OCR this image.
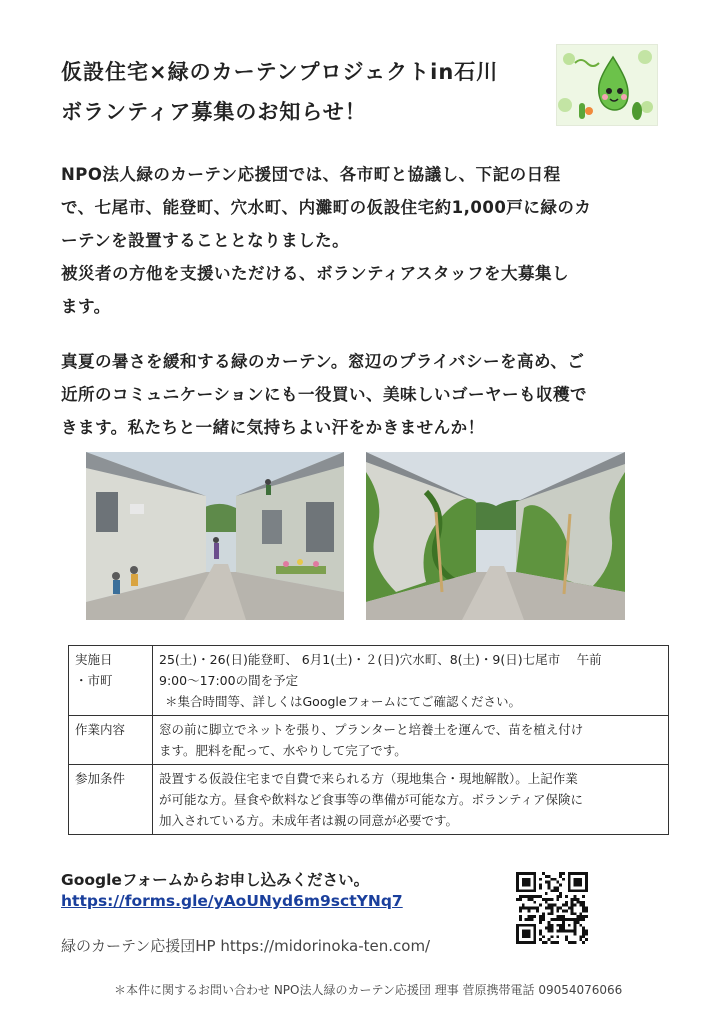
仮設住宅×緑のカーテンプロジェクトin石川
ボランティア募集のお知らせ！

NPO法人緑のカーテン応援団では、各市町と協議し、下記の日程

で、七尾市、能登町、穴水町、内灘町の仮設住宅約1,000戸に緑のカ

ーテンを設置することとなりました。

被災者の方他を支援いただける、ボランティアスタッフを大募集し

ます。

真夏の暑さを緩和する緑のカーテン。窓辺のプライバシーを高め、ご

近所のコミュニケーションにも一役買い、美味しいゴーヤーも収穫で

きます。私たちと一緒に気持ちよい汗をかきませんか！

実施日
・市町	25(土)・26(日)能登町、 6月1(土)・２(日)穴水町、8(土)・9(日)七尾市　 午前
9:00～17:00の間を予定
＊集合時間等、詳しくはGoogleフォームにてご確認ください。

作業内容	窓の前に脚立でネットを張り、プランターと培養土を運んで、苗を植え付け
ます。肥料を配って、水やりして完了です。

参加条件	設置する仮設住宅まで自費で来られる方（現地集合・現地解散）。上記作業
が可能な方。昼食や飲料など食事等の準備が可能な方。ボランティア保険に
加入されている方。未成年者は親の同意が必要です。
Googleフォームからお申し込みください。
https://forms.gle/yAoUNyd6m9sctYNq7
緑のカーテン応援団HP https://midorinoka-ten.com/
＊本件に関するお問い合わせ NPO法人緑のカーテン応援団 理事 菅原携帯電話 09054076066
